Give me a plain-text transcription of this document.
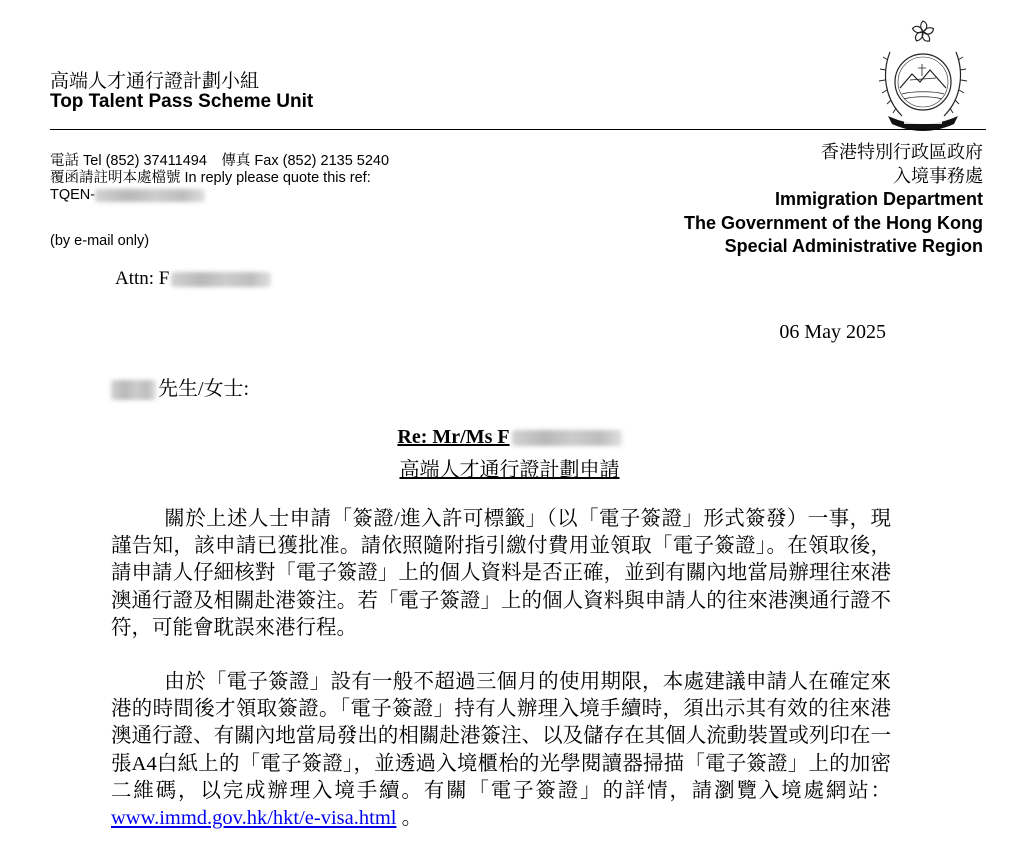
高端人才通行證計劃小組
Top Talent Pass Scheme Unit
電話 Tel (852) 37411494　傳真 Fax (852) 2135 5240
覆函請註明本處檔號 In reply please quote this ref:
TQEN-
(by e-mail only)
香港特別行政區政府
入境事務處
Immigration Department
The Government of the Hong Kong
Special Administrative Region
Attn: F
06 May 2025
先生/女士:
Re: Mr/Ms F
高端人才通行證計劃申請
關於上述人士申請「簽證/進入許可標籤」（以「電子簽證」形式簽發）一事，現謹告知，該申請已獲批准。請依照隨附指引繳付費用並領取「電子簽證」。在領取後，請申請人仔細核對「電子簽證」上的個人資料是否正確，並到有關內地當局辦理往來港澳通行證及相關赴港簽注。若「電子簽證」上的個人資料與申請人的往來港澳通行證不符，可能會耽誤來港行程。
由於「電子簽證」設有一般不超過三個月的使用期限，本處建議申請人在確定來港的時間後才領取簽證。「電子簽證」持有人辦理入境手續時，須出示其有效的往來港澳通行證、有關內地當局發出的相關赴港簽注、以及儲存在其個人流動裝置或列印在一張A4白紙上的「電子簽證」，並透過入境櫃枱的光學閱讀器掃描「電子簽證」上的加密二維碼，以完成辦理入境手續。有關「電子簽證」的詳情，請瀏覽入境處網站：www.immd.gov.hk/hkt/e-visa.html 。
